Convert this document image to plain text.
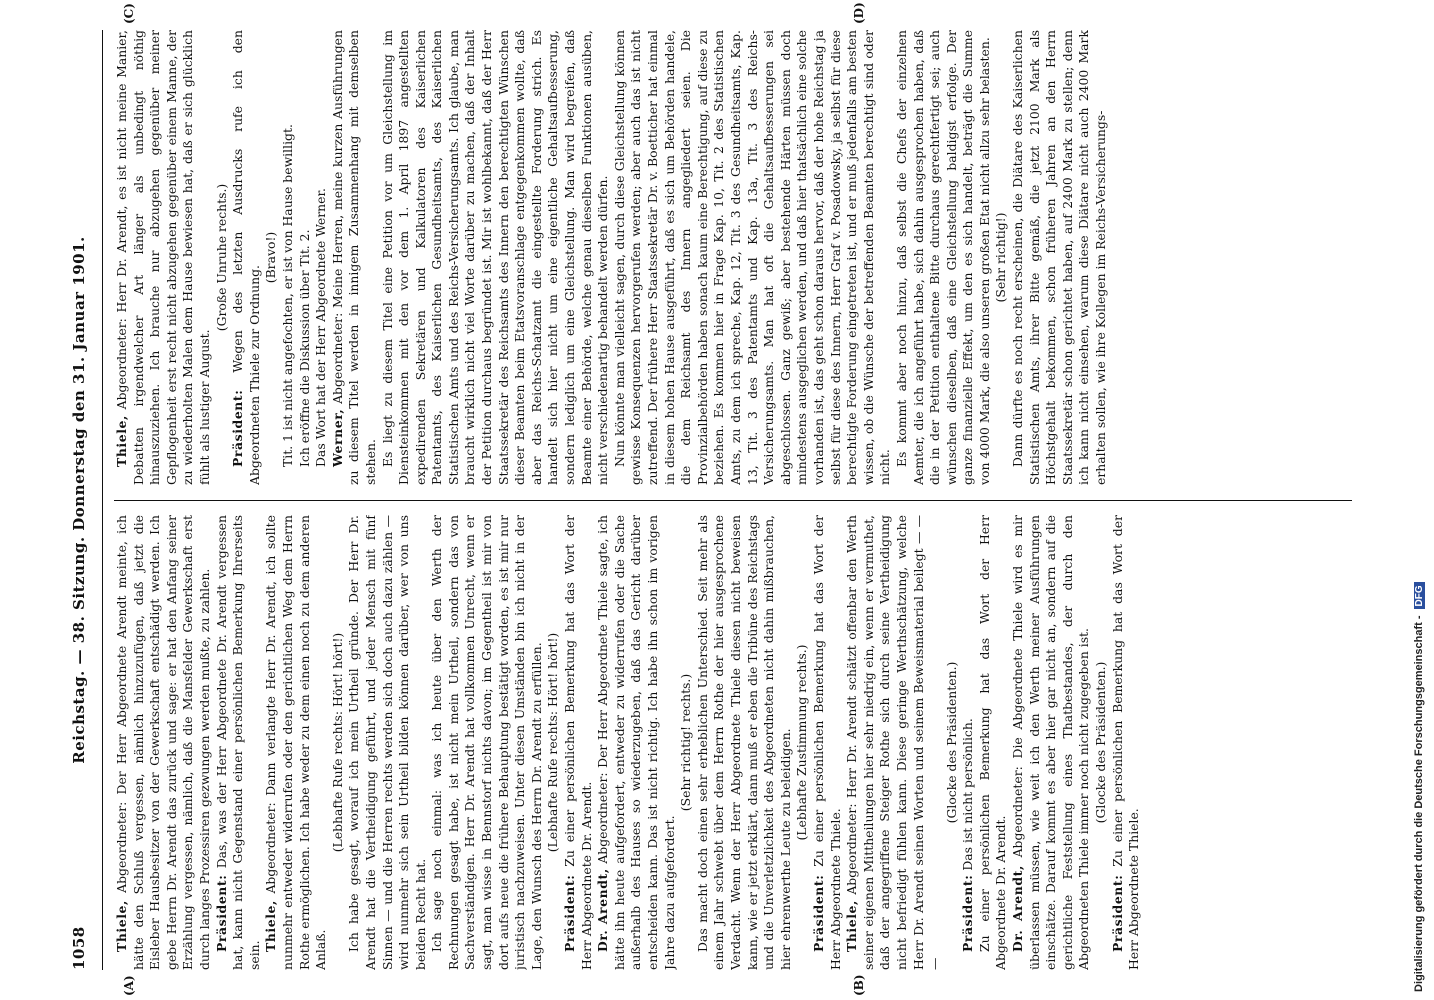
1058
Reichstag. — 38. Sitzung. Donnerstag den 31. Januar 1901.

Thiele, Abgeordneter: Der Herr Abgeordnete Arendt meinte, ich hätte den Schluß vergessen, nämlich hinzuzufügen, daß jetzt die Eisleber Hausbesitzer von der Gewerkschaft entschädigt werden. Ich gebe Herrn Dr. Arendt das zurück und sage: er hat den Anfang seiner Erzählung vergessen, nämlich, daß die Mansfelder Gewerkschaft erst durch langes Prozessiren gezwungen werden mußte, zu zahlen. Präsident: Das, was der Herr Abgeordnete Dr. Arendt vergessen hat, kann nicht Gegenstand einer persönlichen Bemerkung Ihrerseits sein.

Thiele, Abgeordneter: Dann verlangte Herr Dr. Arendt, ich sollte nunmehr entweder widerrufen oder den gerichtlichen Weg dem Herrn Rothe ermöglichen. Ich habe weder zu dem einen noch zu dem anderen Anlaß.

(Lebhafte Rufe rechts: Hört! hört!) Ich habe gesagt, worauf ich mein Urtheil gründe. Der Herr Dr. Arendt hat die Vertheidigung geführt, und jeder Mensch mit fünf Sinnen — und die Herren rechts werden sich doch auch dazu zählen — wird nunmehr sich sein Urtheil bilden können darüber, wer von uns beiden Recht hat. Ich sage noch einmal: was ich heute über den Werth der Rechnungen gesagt habe, ist nicht mein Urtheil, sondern das von Sachverständigen. Herr Dr. Arendt hat vollkommen Unrecht, wenn er sagt, man wisse in Bennstorf nichts davon; im Gegentheil ist mir von dort aufs neue die frühere Behauptung bestätigt worden, es ist mir nur juristisch nachzuweisen. Unter diesen Umständen bin ich nicht in der Lage, den Wunsch des Herrn Dr. Arendt zu erfüllen. (Lebhafte Rufe rechts: Hört! hört!)

Präsident: Zu einer persönlichen Bemerkung hat das Wort der Herr Abgeordnete Dr. Arendt. Dr. Arendt, Abgeordneter: Der Herr Abgeordnete Thiele sagte, ich hätte ihn heute aufgefordert, entweder zu widerrufen oder die Sache außerhalb des Hauses so wiederzugeben, daß das Gericht darüber entscheiden kann. Das ist nicht richtig. Ich habe ihn schon im vorigen Jahre dazu aufgefordert.

(Sehr richtig! rechts.) Das macht doch einen sehr erheblichen Unterschied. Seit mehr als einem Jahr schwebt über dem Herrn Rothe der hier ausgesprochene Verdacht. Wenn der Herr Abgeordnete Thiele diesen nicht beweisen kann, wie er jetzt erklärt, dann muß er eben die Tribüne des Reichstags und die Unverletzlichkeit des Abgeordneten nicht dahin mißbrauchen, hier ehrenwerthe Leute zu beleidigen. (Lebhafte Zustimmung rechts.)

Präsident: Zu einer persönlichen Bemerkung hat das Wort der Herr Abgeordnete Thiele. Thiele, Abgeordneter: Herr Dr. Arendt schätzt offenbar den Werth seiner eigenen Mittheilungen hier sehr niedrig ein, wenn er vermuthet, daß der angegriffene Steiger Rothe sich durch seine Vertheidigung nicht befriedigt fühlen kann. Diese geringe Werthschätzung, welche Herr Dr. Arendt seinen Worten und seinem Beweismaterial beilegt — — —

(Glocke des Präsidenten.)

Präsident: Das ist nicht persönlich. Zu einer persönlichen Bemerkung hat das Wort der Herr Abgeordnete Dr. Arendt. Dr. Arendt, Abgeordneter: Die Abgeordnete Thiele wird es mir überlassen müssen, wie weit ich den Werth meiner Ausführungen einschätze. Darauf kommt es aber hier gar nicht an, sondern auf die gerichtliche Feststellung eines Thatbestandes, der durch den Abgeordneten Thiele immer noch nicht zugegeben ist. (Glocke des Präsidenten.)

Präsident: Zu einer persönlichen Bemerkung hat das Wort der Herr Abgeordnete Thiele.

Thiele, Abgeordneter: Herr Dr. Arendt, es ist nicht meine Manier, Debatten irgendwelcher Art länger als unbedingt nöthig hinauszuziehen. Ich brauche nur abzugehen gegenüber meiner Gepflogenheit erst recht nicht abzugehen gegenüber einem Manne, der zu wiederholten Malen dem Hause bewiesen hat, daß er sich glücklich fühlt als lustiger August.

(Große Unruhe rechts.)

Präsident: Wegen des letzten Ausdrucks rufe ich den Abgeordneten Thiele zur Ordnung.

(Bravo!) Tit. 1 ist nicht angefochten, er ist von Hause bewilligt. Ich eröffne die Diskussion über Tit. 2. Das Wort hat der Herr Abgeordnete Werner. Werner, Abgeordneter: Meine Herren, meine kurzen Ausführungen zu diesem Titel werden in innigem Zusammenhang mit demselben stehen. Es liegt zu diesem Titel eine Petition vor um Gleichstellung im Diensteinkommen mit den vor dem 1. April 1897 angestellten expedirenden Sekretären und Kalkulatoren des Kaiserlichen Patentamts, des Kaiserlichen Gesundheitsamts, des Kaiserlichen Statistischen Amts und des Reichs-Versicherungsamts. Ich glaube, man braucht wirklich nicht viel Worte darüber zu machen, daß der Inhalt der Petition durchaus begründet ist. Mir ist wohlbekannt, daß der Herr Staatssekretär des Reichsamts des Innern den berechtigten Wünschen dieser Beamten beim Etatsvoranschlage entgegenkommen wollte, daß aber das Reichs-Schatzamt die eingestellte Forderung strich. Es handelt sich hier nicht um eine eigentliche Gehaltsaufbesserung, sondern lediglich um eine Gleichstellung. Man wird begreifen, daß Beamte einer Behörde, welche genau dieselben Funktionen ausüben, nicht verschiedenartig behandelt werden dürfen. Nun könnte man vielleicht sagen, durch diese Gleichstellung können gewisse Konsequenzen hervorgerufen werden; aber auch das ist nicht zutreffend. Der frühere Herr Staatssekretär Dr. v. Boetticher hat einmal in diesem hohen Hause ausgeführt, daß es sich um Behörden handele, die dem Reichsamt des Innern angegliedert seien. Die Provinzialbehörden haben sonach kaum eine Berechtigung, auf diese zu beziehen. Es kommen hier in Frage Kap. 10, Tit. 2 des Statistischen Amts, zu dem ich spreche, Kap. 12, Tit. 3 des Gesundheitsamts, Kap. 13, Tit. 3 des Patentamts und Kap. 13a, Tit. 3 des Reichs-Versicherungsamts. Man hat oft die Gehaltsaufbesserungen sei abgeschlossen. Ganz gewiß; aber bestehende Härten müssen doch mindestens ausgeglichen werden, und daß hier thatsächlich eine solche vorhanden ist, das geht schon daraus hervor, daß der hohe Reichstag ja selbst für diese des Innern, Herr Graf v. Posadowsky, ja selbst für diese berechtigte Forderung eingetreten ist, und er muß jedenfalls am besten wissen, ob die Wünsche der betreffenden Beamten berechtigt sind oder nicht.

Es kommt aber noch hinzu, daß selbst die Chefs der einzelnen Aemter, die ich angeführt habe, sich dahin ausgesprochen haben, daß die in der Petition enthaltene Bitte durchaus gerechtfertigt sei; auch wünschen dieselben, daß eine Gleichstellung baldigst erfolge. Der ganze finanzielle Effekt, um den es sich handelt, beträgt die Summe von 4000 Mark, die also unseren großen Etat nicht allzu sehr belasten. (Sehr richtig!) Dann dürfte es noch recht erscheinen, die Diätare des Kaiserlichen Statistischen Amts, ihrer Bitte gemäß, die jetzt 2100 Mark als Höchstgehalt bekommen, schon früheren Jahren an den Herrn Staatssekretär schon gerichtet haben, auf 2400 Mark zu stellen; denn ich kann nicht einsehen, warum diese Diätare nicht auch 2400 Mark erhalten sollen, wie ihre Kollegen im Reichs-Versicherungs-

(A)	(B)
(C)	(D)
Digitalisierung gefördert durch die Deutsche Forschungsgemeinschaft -DFG
